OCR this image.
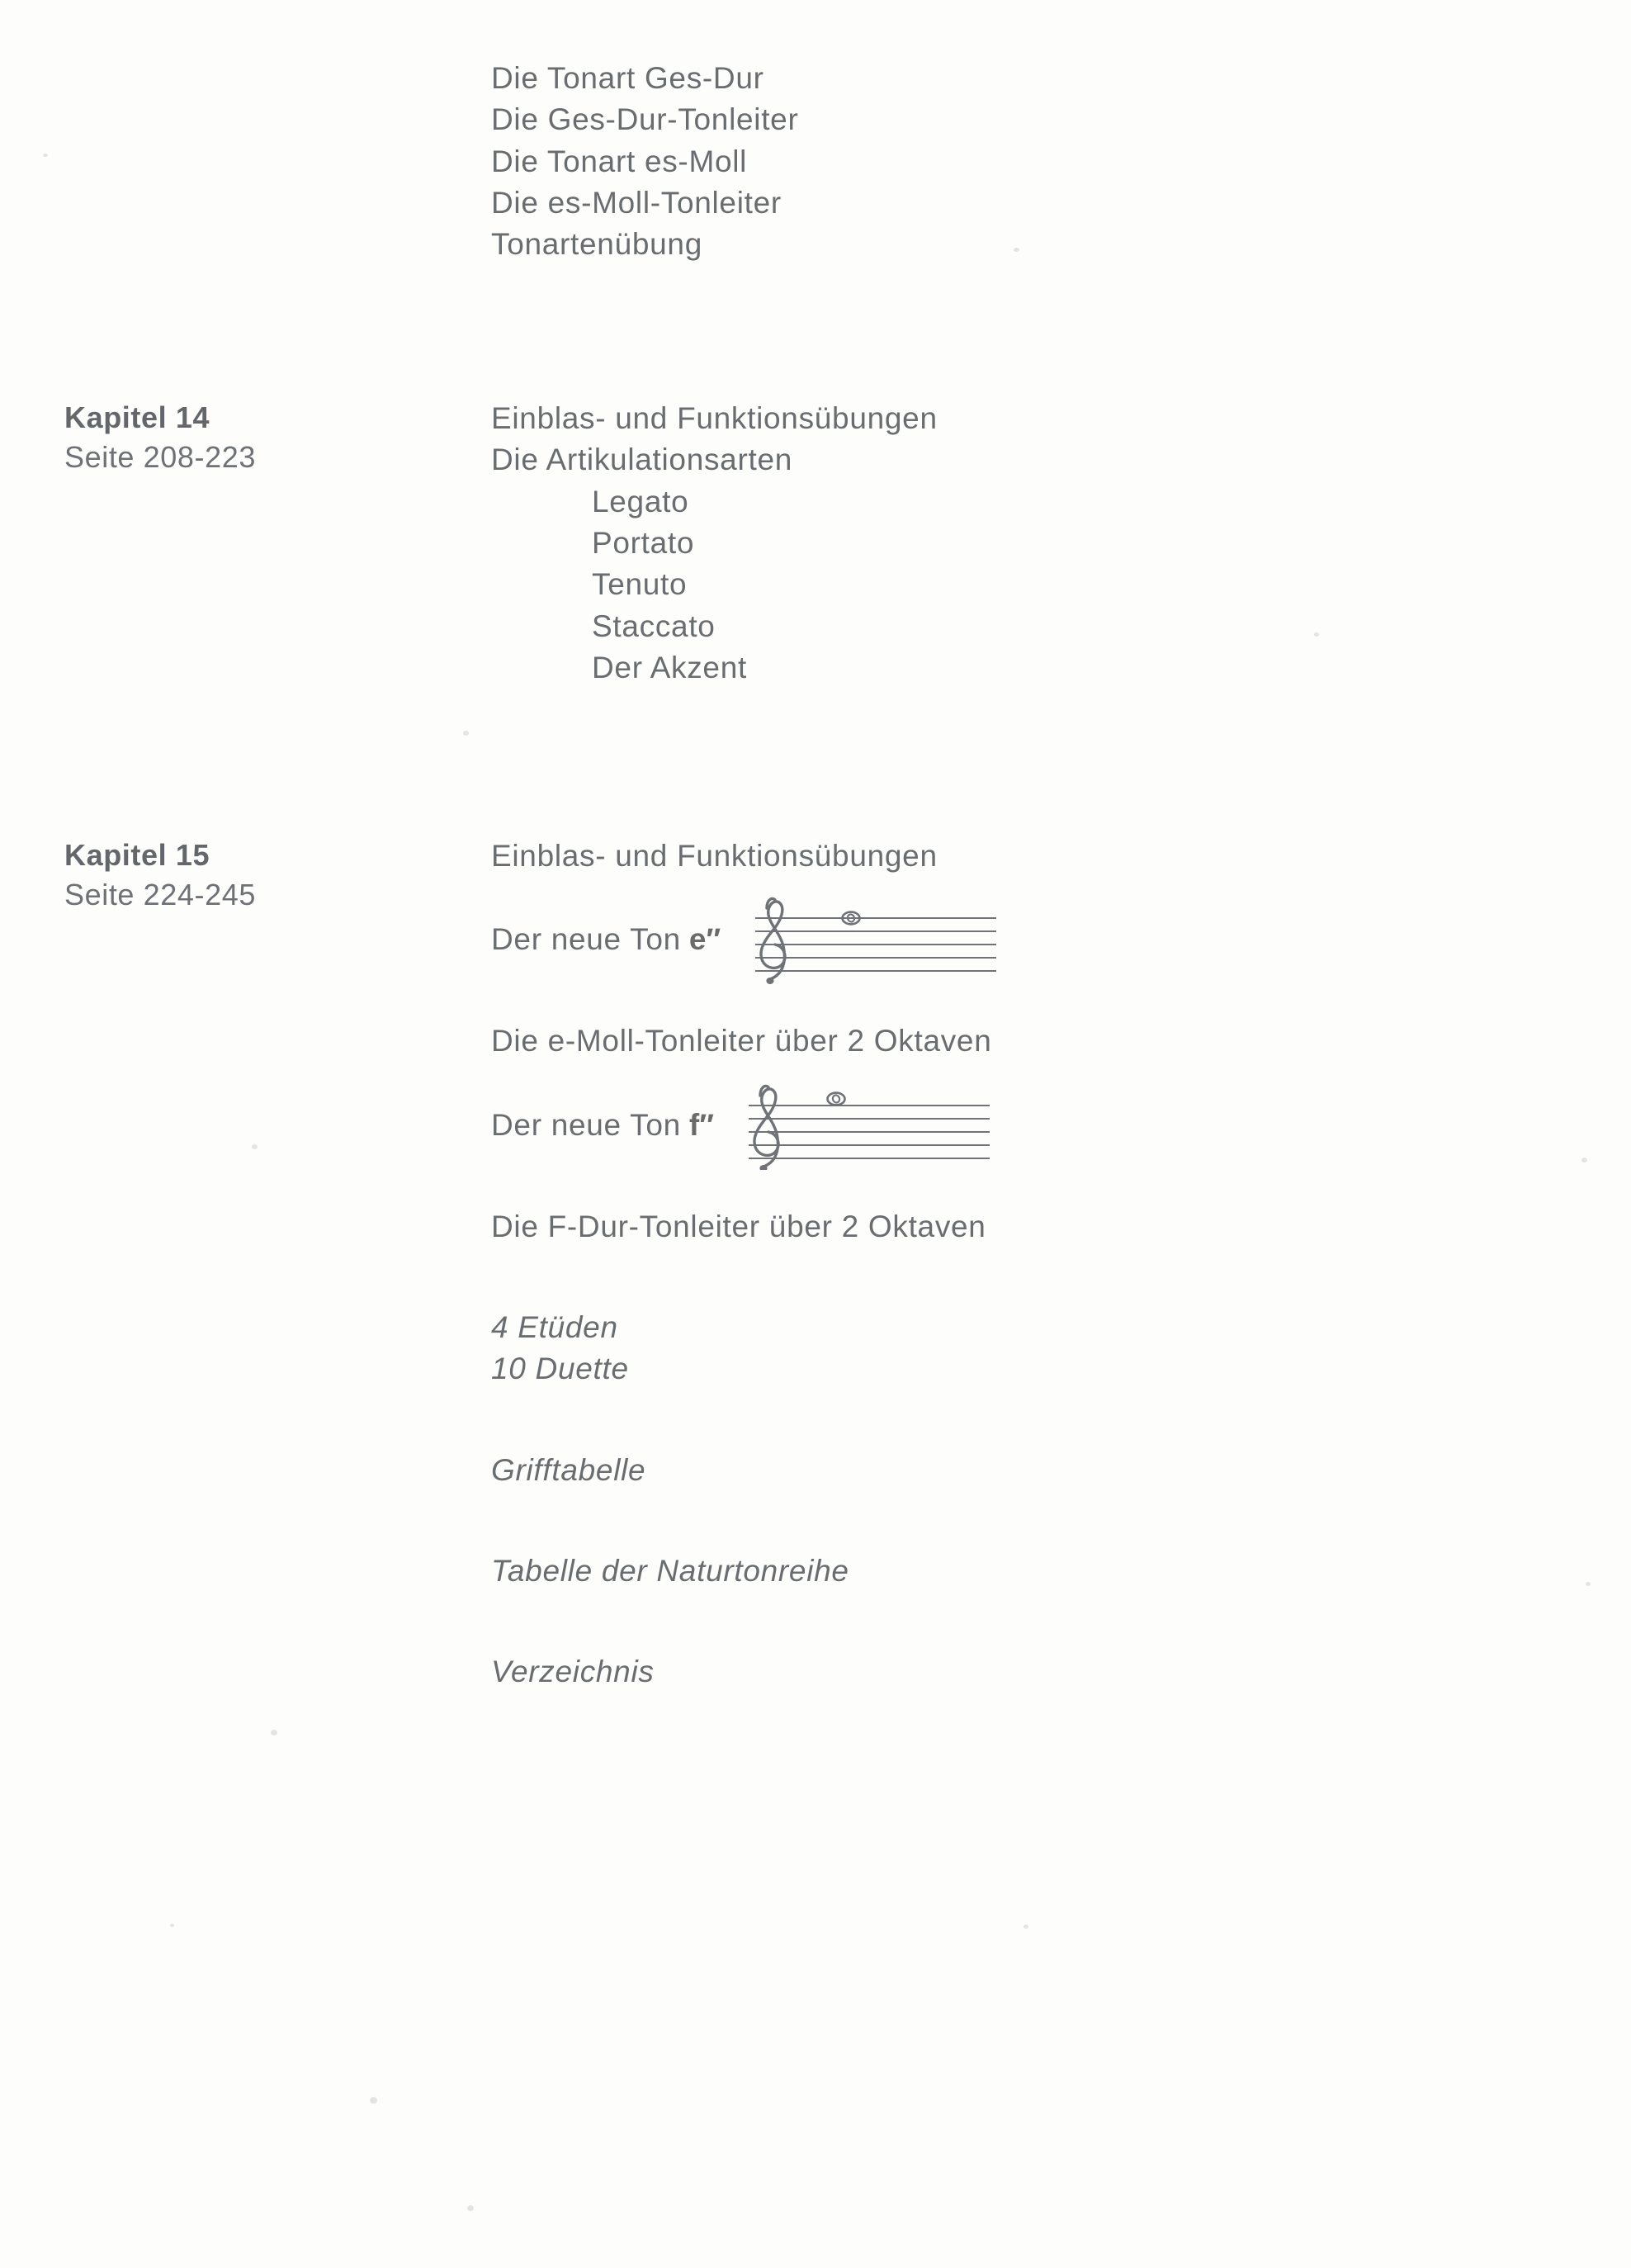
Die Tonart Ges-Dur
Die Ges-Dur-Tonleiter
Die Tonart es-Moll
Die es-Moll-Tonleiter
Tonartenübung
Kapitel 14
Seite 208-223
Einblas- und Funktionsübungen
Die Artikulationsarten
Legato
Portato
Tenuto
Staccato
Der Akzent
Kapitel 15
Seite 224-245
Einblas- und Funktionsübungen
Der neue Ton e″
Die e-Moll-Tonleiter über 2 Oktaven
Der neue Ton f″
Die F-Dur-Tonleiter über 2 Oktaven
4 Etüden
10 Duette
Grifftabelle
Tabelle der Naturtonreihe
Verzeichnis
